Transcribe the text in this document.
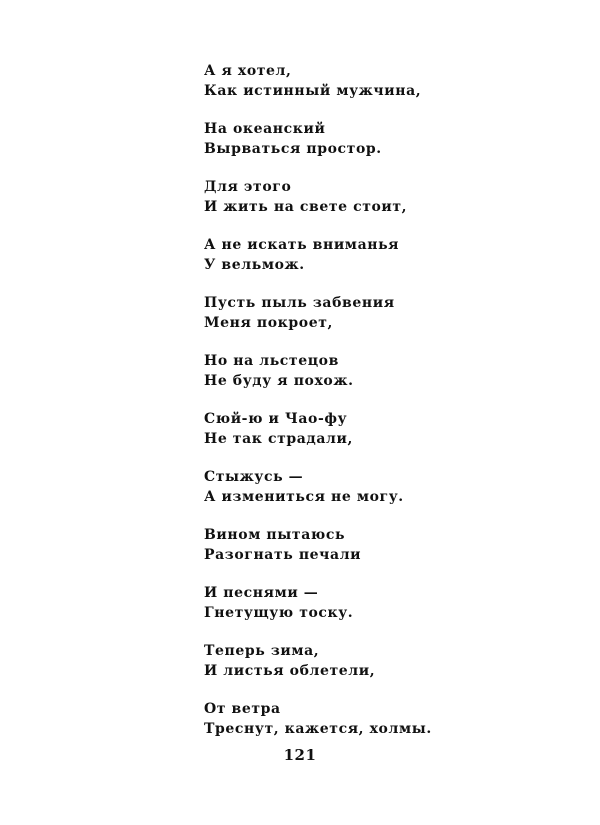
А я хотел,
Как истинный мужчина,
На океанский
Вырваться простор.
Для этого
И жить на свете стоит,
А не искать вниманья
У вельмож.
Пусть пыль забвения
Меня покроет,
Но на льстецов
Не буду я похож.
Сюй-ю и Чао-фу
Не так страдали,
Стыжусь —
А измениться не могу.
Вином пытаюсь
Разогнать печали
И песнями —
Гнетущую тоску.
Теперь зима,
И листья облетели,
От ветра
Треснут, кажется, холмы.
121
